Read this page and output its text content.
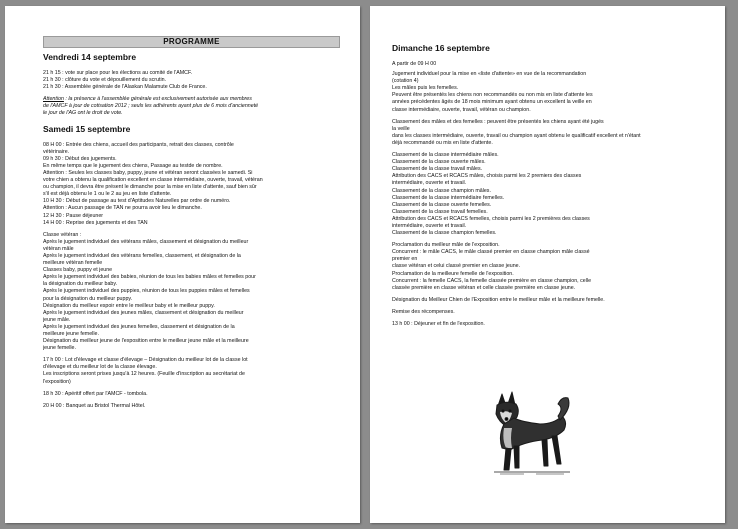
PROGRAMME
Vendredi 14 septembre
21 h 15 : vote sur place pour les élections au comité de l'AMCF.
21 h 30 : clôture du vote et dépouillement du scrutin.
21 h 30 : Assemblée générale de l'Alaskan Malamute Club de France.
Attention : la présence à l'assemblée générale est exclusivement autorisée aux membres
de l'AMCF à jour de cotisation 2012 ; seuls les adhérents ayant plus de 6 mois d'ancienneté
le jour de l'AG ont le droit de vote.
Samedi 15 septembre
08 H 00 : Entrée des chiens, accueil des participants, retrait des classes, contrôle
vétérinaire.
09 h 30 : Début des jugements.
En même temps que le jugement des chiens, Passage au testde de nombre.
Attention : Seules les classes baby, puppy, jeune et vétéran seront classées le samedi. Si
votre chien a obtenu la qualification excellent en classe intermédiaire, ouverte, travail, vétéran
ou champion, il devra être présent le dimanche pour la mise en liste d'attente, sauf bien sûr
s'il est déjà obtenu le 1 ou le 2 au jeu en liste d'attente.
10 H 30 : Début de passage au test d'Aptitudes Naturelles par ordre de numéro.
Attention : Aucun passage de TAN ne pourra avoir lieu le dimanche.
12 H 30 : Pause déjeuner
14 H 00 : Reprise des jugements et des TAN
Classe vétéran :
Après le jugement individuel des vétérans mâles, classement et désignation du meilleur
vétéran mâle
Après le jugement individuel des vétérans femelles, classement, et désignation de la
meilleure vétéran femelle
Classes baby, puppy et jeune
Après le jugement individuel des babies, réunion de tous les babies mâles et femelles pour
la désignation du meilleur baby.
Après le jugement individuel des puppies, réunion de tous les puppies mâles et femelles
pour la désignation du meilleur puppy.
Désignation du meilleur espoir entre le meilleur baby et le meilleur puppy.
Après le jugement individuel des jeunes mâles, classement et désignation du meilleur
jeune mâle.
Après le jugement individuel des jeunes femelles, classement et désignation de la
meilleure jeune femelle.
Désignation du meilleur jeune de l'exposition entre le meilleur jeune mâle et la meilleure
jeune femelle.
17 h 00 : Lot d'élevage et classe d'élevage – Désignation du meilleur lot de la classe lot
d'élevage et du meilleur lot de la classe élevage.
Les inscriptions seront prises jusqu'à 12 heures. (Feuille d'inscription au secrétariat de
l'exposition)
18 h 30 : Apéritif offert par l'AMCF - tombola.
20 H 00 : Banquet au Bristol Thermal Hôtel.
Dimanche 16 septembre
A partir de 09 H 00
Jugement individuel pour la mise en «liste d'attente» en vue de la recommandation
(cotation 4)
Les mâles puis les femelles.
Peuvent être présentés les chiens non recommandés ou non mis en liste d'attente les
années précédentes âgés de 18 mois minimum ayant obtenu un excellent la veille en
classe intermédiaire, ouverte, travail, vétéran ou champion.
Classement des mâles et des femelles : peuvent être présentés les chiens ayant été jugés
la veille
dans les classes intermédiaire, ouverte, travail ou champion ayant obtenu le qualificatif excellent et n'étant
déjà recommandé ou mis en liste d'attente.
Classement de la classe intermédiaire mâles.
Classement de la classe ouverte mâles.
Classement de la classe travail mâles.
Attribution des CACS et RCACS mâles, choisis parmi les 2 premiers des classes
intermédiaire, ouverte et travail.
Classement de la classe champion mâles.
Classement de la classe intermédiaire femelles.
Classement de la classe ouverte femelles.
Classement de la classe travail femelles.
Attribution des CACS et RCACS femelles, choisis parmi les 2 premières des classes
intermédiaire, ouverte et travail.
Classement de la classe champion femelles.
Proclamation du meilleur mâle de l'exposition.
Concurrent : le mâle CACS, le mâle classé premier en classe champion mâle classé
premier en
classe vétéran et celui classé premier en classe jeune.
Proclamation de la meilleure femelle de l'exposition.
Concurrent : la femelle CACS, la femelle classée première en classe champion, celle
classée première en classe vétéran et celle classée première en classe jeune.
Désignation du Meilleur Chien de l'Exposition entre le meilleur mâle et la meilleure femelle.
Remise des récompenses.
13 h 00 : Déjeuner et fin de l'exposition.
